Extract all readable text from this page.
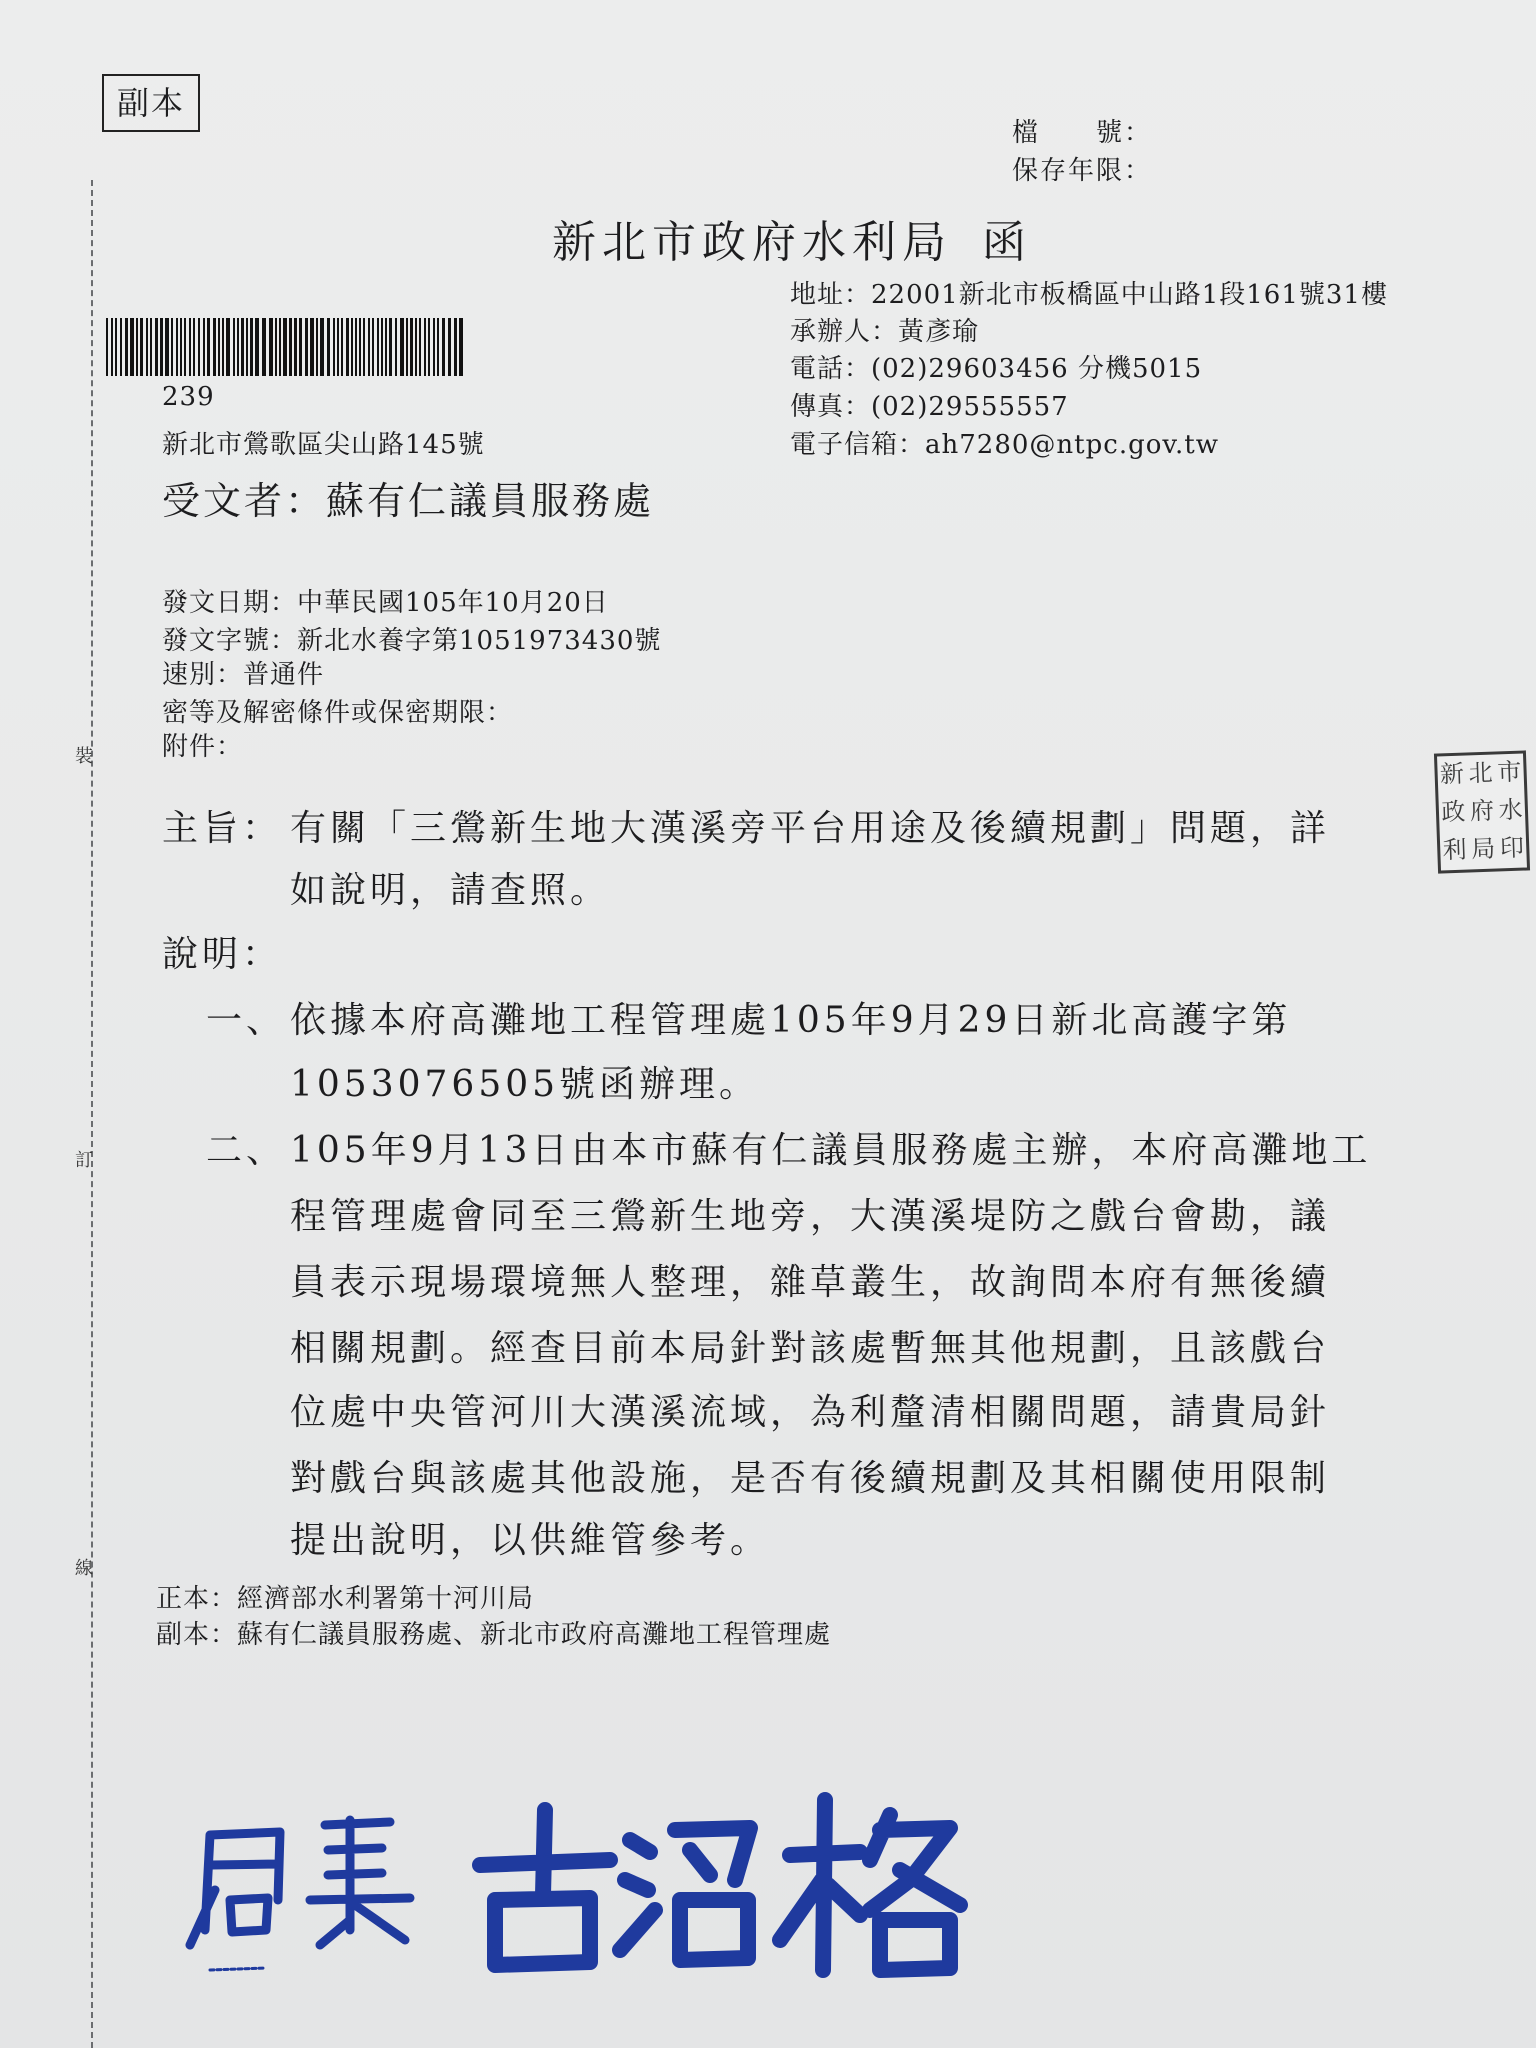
副本
裝
訂
線
檔　　號：
保存年限：
新北市政府水利局 函
地址：22001新北市板橋區中山路1段161號31樓
承辦人：黃彥瑜
電話：(02)29603456 分機5015
傳真：(02)29555557
電子信箱：ah7280@ntpc.gov.tw
239
新北市鶯歌區尖山路145號
受文者：蘇有仁議員服務處
發文日期：中華民國105年10月20日
發文字號：新北水養字第1051973430號
速別：普通件
密等及解密條件或保密期限：
附件：
主旨： 有關「三鶯新生地大漢溪旁平台用途及後續規劃」問題，詳
如說明，請查照。
說明：
一、 依據本府高灘地工程管理處105年9月29日新北高護字第
1053076505號函辦理。
二、 105年9月13日由本市蘇有仁議員服務處主辦，本府高灘地工
程管理處會同至三鶯新生地旁，大漢溪堤防之戲台會勘，議
員表示現場環境無人整理，雜草叢生，故詢問本府有無後續
相關規劃。經查目前本局針對該處暫無其他規劃，且該戲台
位處中央管河川大漢溪流域，為利釐清相關問題，請貴局針
對戲台與該處其他設施，是否有後續規劃及其相關使用限制
提出說明，以供維管參考。
正本：經濟部水利署第十河川局
副本：蘇有仁議員服務處、新北市政府高灘地工程管理處
新 北 市
政 府 水
利 局 印
